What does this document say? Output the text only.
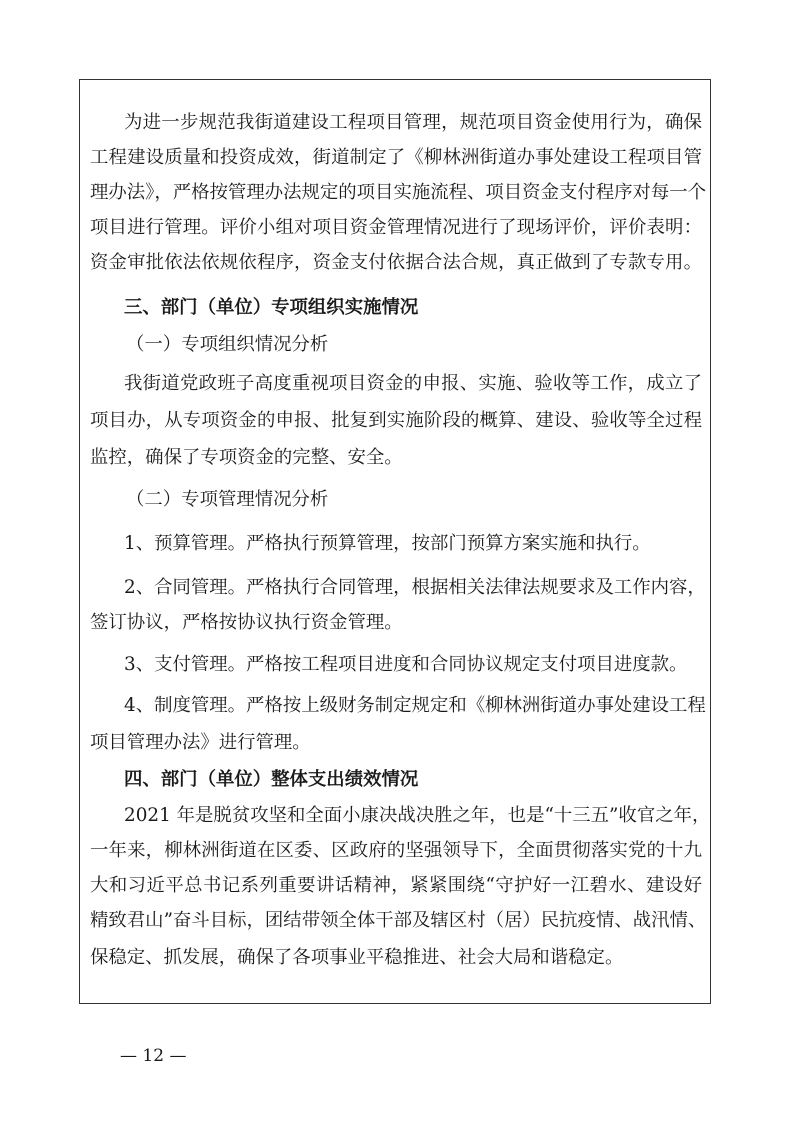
为进一步规范我街道建设工程项目管理，规范项目资金使用行为，确保
工程建设质量和投资成效，街道制定了《柳林洲街道办事处建设工程项目管
理办法》，严格按管理办法规定的项目实施流程、项目资金支付程序对每一个
项目进行管理。评价小组对项目资金管理情况进行了现场评价，评价表明：
资金审批依法依规依程序，资金支付依据合法合规，真正做到了专款专用。
三、部门（单位）专项组织实施情况
（一）专项组织情况分析
我街道党政班子高度重视项目资金的申报、实施、验收等工作，成立了
项目办，从专项资金的申报、批复到实施阶段的概算、建设、验收等全过程
监控，确保了专项资金的完整、安全。
（二）专项管理情况分析
1、预算管理。严格执行预算管理，按部门预算方案实施和执行。
2、合同管理。严格执行合同管理，根据相关法律法规要求及工作内容，
签订协议，严格按协议执行资金管理。
3、支付管理。严格按工程项目进度和合同协议规定支付项目进度款。
4、制度管理。严格按上级财务制定规定和《柳林洲街道办事处建设工程
项目管理办法》进行管理。
四、部门（单位）整体支出绩效情况
2021 年是脱贫攻坚和全面小康决战决胜之年，也是“十三五”收官之年，
一年来，柳林洲街道在区委、区政府的坚强领导下，全面贯彻落实党的十九
大和习近平总书记系列重要讲话精神，紧紧围绕“守护好一江碧水、建设好
精致君山”奋斗目标，团结带领全体干部及辖区村（居）民抗疫情、战汛情、
保稳定、抓发展，确保了各项事业平稳推进、社会大局和谐稳定。
— 12 —
